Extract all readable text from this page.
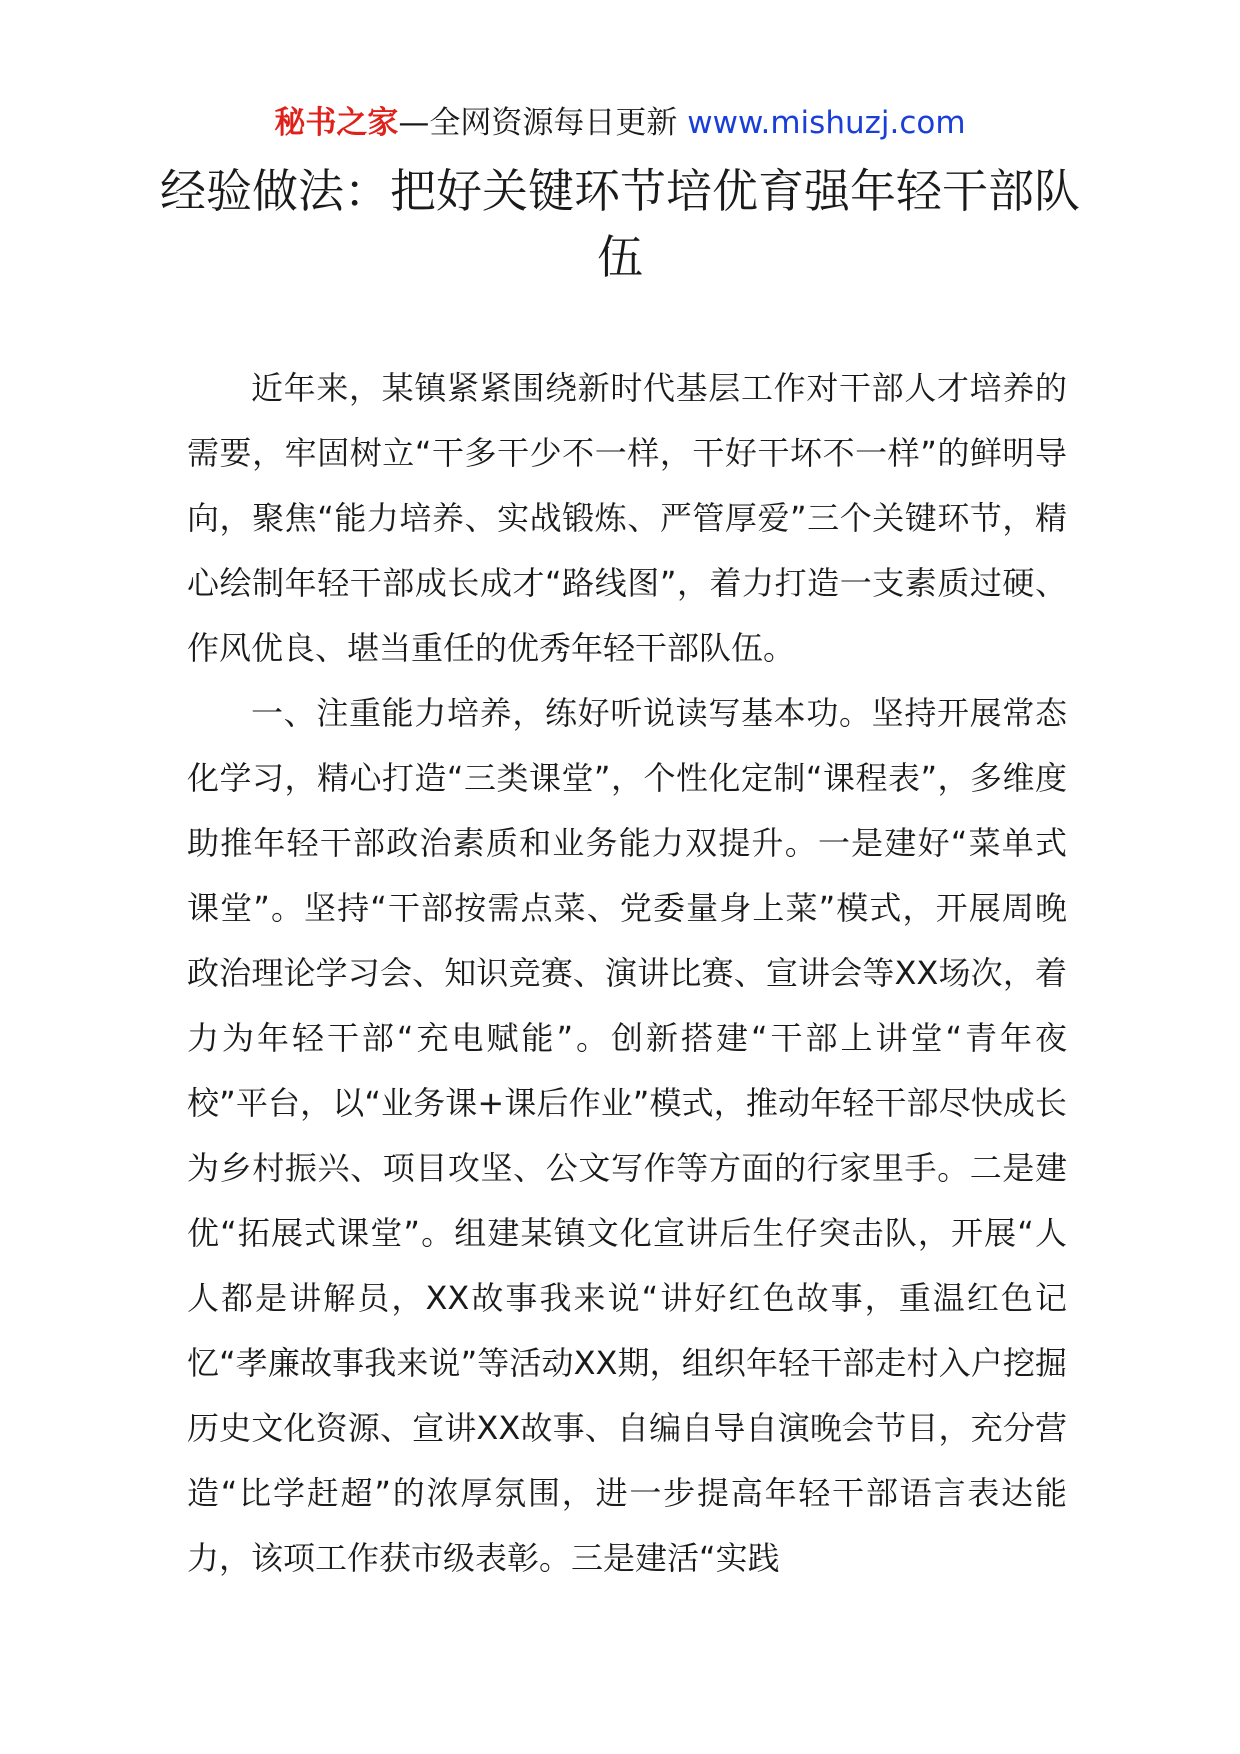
秘书之家—全网资源每日更新 www.mishuzj.com
经验做法：把好关键环节培优育强年轻干部队伍

近年来，某镇紧紧围绕新时代基层工作对干部人才培养的需要，牢固树立“干多干少不一样，干好干坏不一样”的鲜明导向，聚焦“能力培养、实战锻炼、严管厚爱”三个关键环节，精心绘制年轻干部成长成才“路线图”，着力打造一支素质过硬、作风优良、堪当重任的优秀年轻干部队伍。

一、注重能力培养，练好听说读写基本功。坚持开展常态化学习，精心打造“三类课堂”，个性化定制“课程表”，多维度助推年轻干部政治素质和业务能力双提升。一是建好“菜单式课堂”。坚持“干部按需点菜、党委量身上菜”模式，开展周晚政治理论学习会、知识竞赛、演讲比赛、宣讲会等XX场次，着力为年轻干部“充电赋能”。创新搭建“干部上讲堂“青年夜校”平台，以“业务课+课后作业”模式，推动年轻干部尽快成长为乡村振兴、项目攻坚、公文写作等方面的行家里手。二是建优“拓展式课堂”。组建某镇文化宣讲后生仔突击队，开展“人人都是讲解员，XX故事我来说“讲好红色故事，重温红色记忆“孝廉故事我来说”等活动XX期，组织年轻干部走村入户挖掘历史文化资源、宣讲XX故事、自编自导自演晚会节目，充分营造“比学赶超”的浓厚氛围，进一步提高年轻干部语言表达能力，该项工作获市级表彰。三是建活“实践
